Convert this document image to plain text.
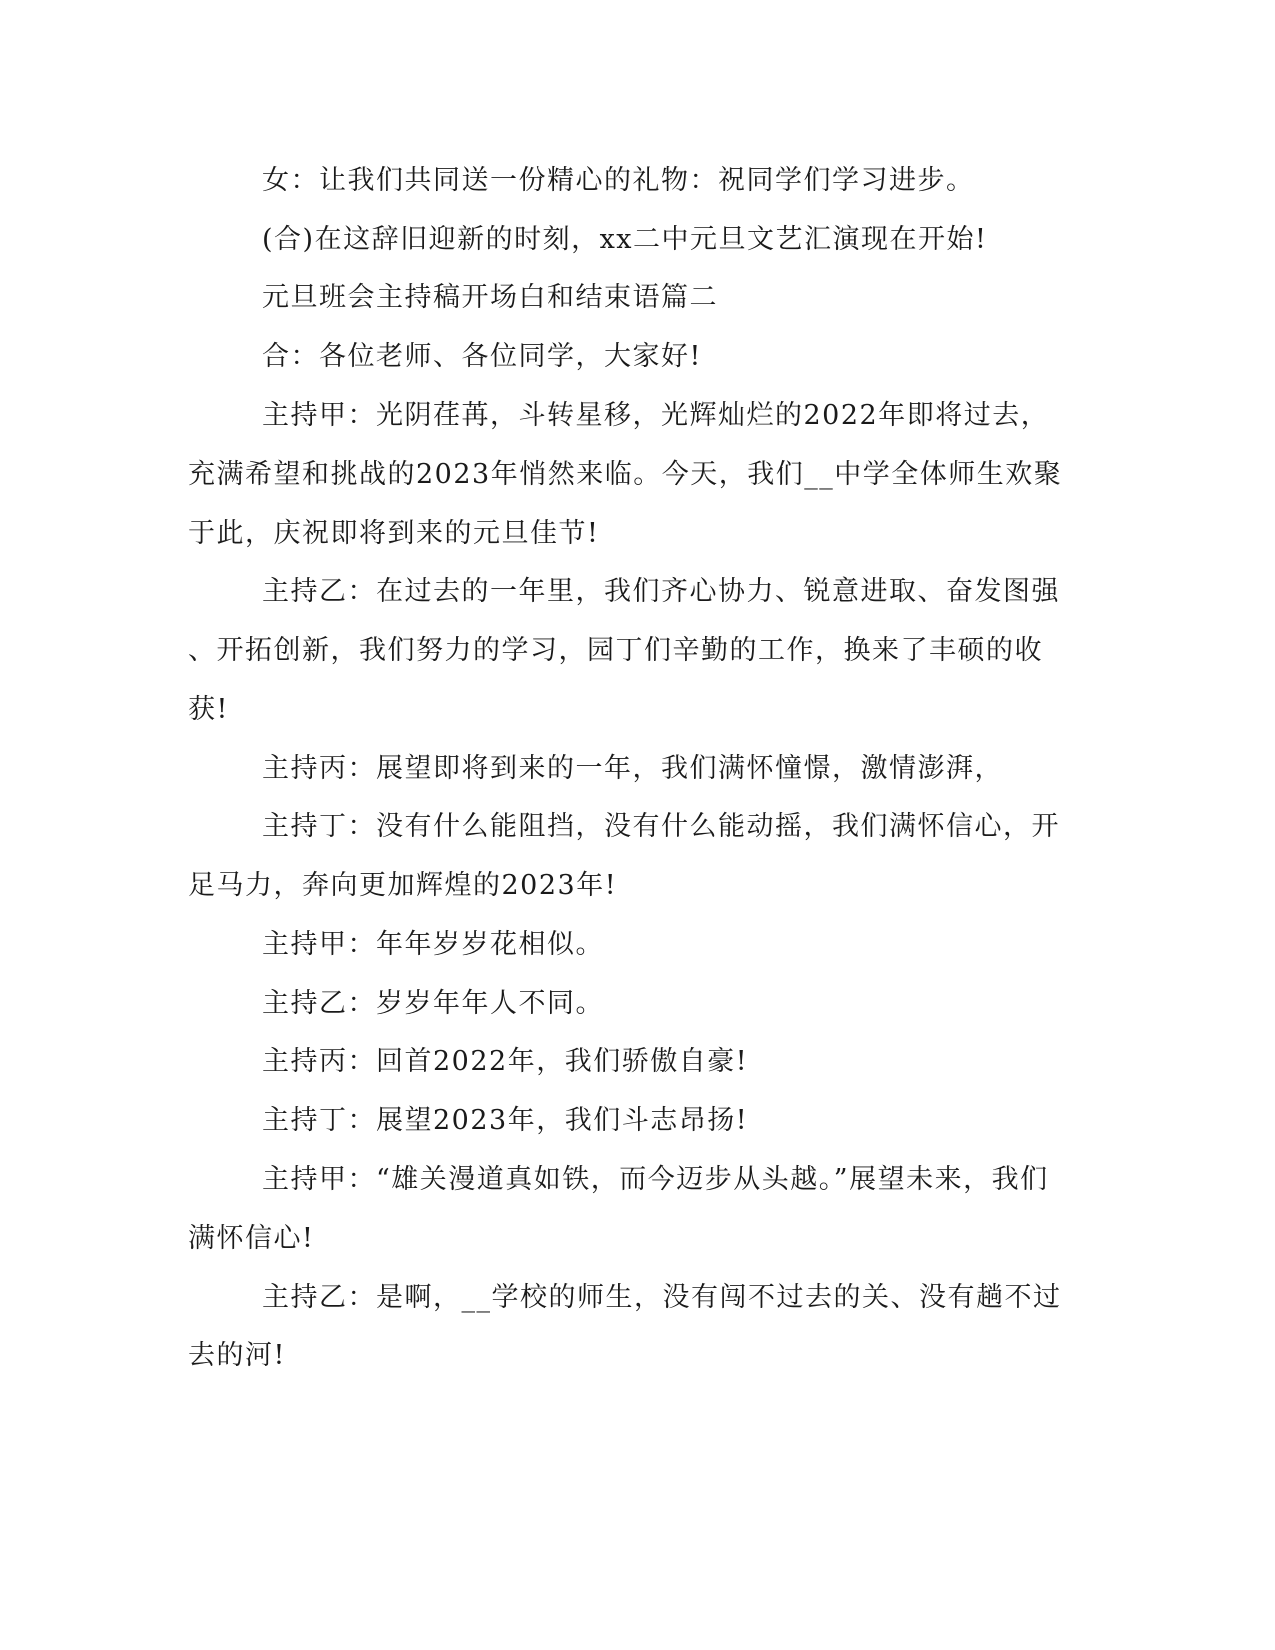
女：让我们共同送一份精心的礼物：祝同学们学习进步。
(合)在这辞旧迎新的时刻，xx二中元旦文艺汇演现在开始!
元旦班会主持稿开场白和结束语篇二
合：各位老师、各位同学，大家好!
主持甲：光阴荏苒，斗转星移，光辉灿烂的2022年即将过去，
充满希望和挑战的2023年悄然来临。今天，我们__中学全体师生欢聚
于此，庆祝即将到来的元旦佳节!
主持乙：在过去的一年里，我们齐心协力、锐意进取、奋发图强
、开拓创新，我们努力的学习，园丁们辛勤的工作，换来了丰硕的收
获!
主持丙：展望即将到来的一年，我们满怀憧憬，激情澎湃，
主持丁：没有什么能阻挡，没有什么能动摇，我们满怀信心，开
足马力，奔向更加辉煌的2023年!
主持甲：年年岁岁花相似。
主持乙：岁岁年年人不同。
主持丙：回首2022年，我们骄傲自豪!
主持丁：展望2023年，我们斗志昂扬!
主持甲：“雄关漫道真如铁，而今迈步从头越。”展望未来，我们
满怀信心!
主持乙：是啊，__学校的师生，没有闯不过去的关、没有趟不过
去的河!
